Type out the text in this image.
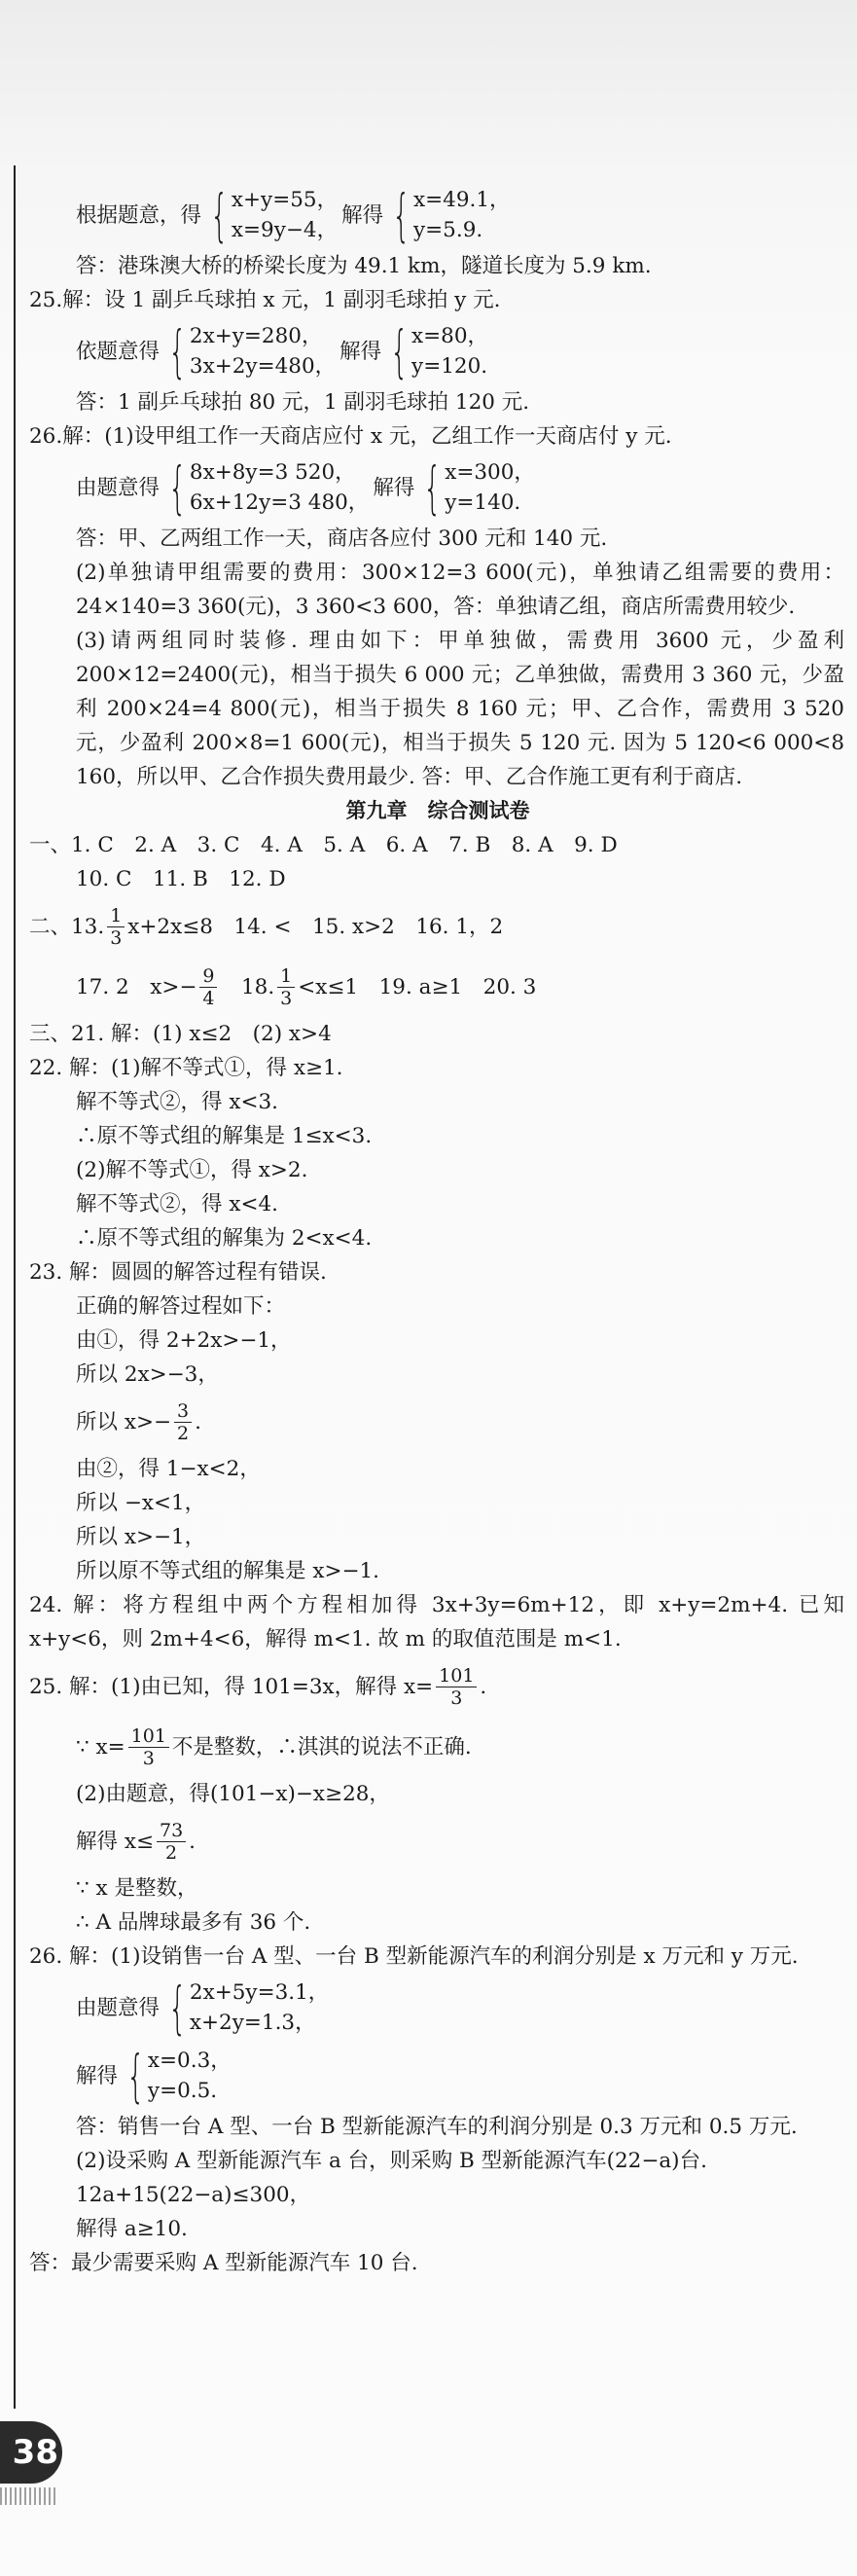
根据题意，得 { x+y=55，
x=9y−4，
解得 { x=49.1，
y=5.9.
答：港珠澳大桥的桥梁长度为 49.1 km，隧道长度为 5.9 km.
25.解：设 1 副乒乓球拍 x 元，1 副羽毛球拍 y 元.
依题意得 { 2x+y=280，
3x+2y=480，
解得 { x=80，
y=120.
答：1 副乒乓球拍 80 元，1 副羽毛球拍 120 元.
26.解：(1)设甲组工作一天商店应付 x 元，乙组工作一天商店付 y 元.
由题意得 { 8x+8y=3 520，
6x+12y=3 480，
解得 { x=300，
y=140.
答：甲、乙两组工作一天，商店各应付 300 元和 140 元.
(2)单独请甲组需要的费用：300×12=3 600(元)，单独请乙组需要的费用：24×140=3 360(元)，3 360<3 600，答：单独请乙组，商店所需费用较少.
(3)请两组同时装修. 理由如下：甲单独做，需费用 3600 元，少盈利 200×12=2400(元)，相当于损失 6 000 元；乙单独做，需费用 3 360 元，少盈利 200×24=4 800(元)，相当于损失 8 160 元；甲、乙合作，需费用 3 520 元，少盈利 200×8=1 600(元)，相当于损失 5 120 元. 因为 5 120<6 000<8 160，所以甲、乙合作损失费用最少. 答：甲、乙合作施工更有利于商店.
第九章　综合测试卷
一、1. C　2. A　3. C　4. A　5. A　6. A　7. B　8. A　9. D
10. C　11. B　12. D
二、13. $\frac{1}{3} x+2x\le 8$　14. <　15. x>2　16. 1，2
17. 2　$x>- \frac{9}{4}$ 　18. $\frac{1}{3} <x\le 1$　19. a≥1　20. 3
三、21. 解：(1) x≤2　(2) x>4
22. 解：(1)解不等式①，得 x≥1.
解不等式②，得 x<3.
∴原不等式组的解集是 1≤x<3.
(2)解不等式①，得 x>2.
解不等式②，得 x<4.
∴原不等式组的解集为 2<x<4.
23. 解：圆圆的解答过程有错误.
正确的解答过程如下：
由①，得 2+2x>−1，
所以 2x>−3，
所以 $x>- \frac{3}{2}$ .
由②，得 1−x<2，
所以 −x<1，
所以 x>−1，
所以原不等式组的解集是 x>−1.
24. 解：将方程组中两个方程相加得 3x+3y=6m+12，即 x+y=2m+4. 已知 x+y<6，则 2m+4<6，解得 m<1. 故 m 的取值范围是 m<1.
25. 解：(1)由已知，得 101=3x，解得 $x= \frac{101}{3}$ .
∵ $x= \frac{101}{3}$ 不是整数，∴淇淇的说法不正确.
(2)由题意，得(101−x)−x≥28，
解得 $x\le \frac{73}{2}$ .
∵ x 是整数，
∴ A 品牌球最多有 36 个.
26. 解：(1)设销售一台 A 型、一台 B 型新能源汽车的利润分别是 x 万元和 y 万元.
由题意得 { 2x+5y=3.1，
x+2y=1.3，
解得 { x=0.3，
y=0.5.
答：销售一台 A 型、一台 B 型新能源汽车的利润分别是 0.3 万元和 0.5 万元.
(2)设采购 A 型新能源汽车 a 台，则采购 B 型新能源汽车(22−a)台.
12a+15(22−a)≤300，
解得 a≥10.
答：最少需要采购 A 型新能源汽车 10 台.
38
